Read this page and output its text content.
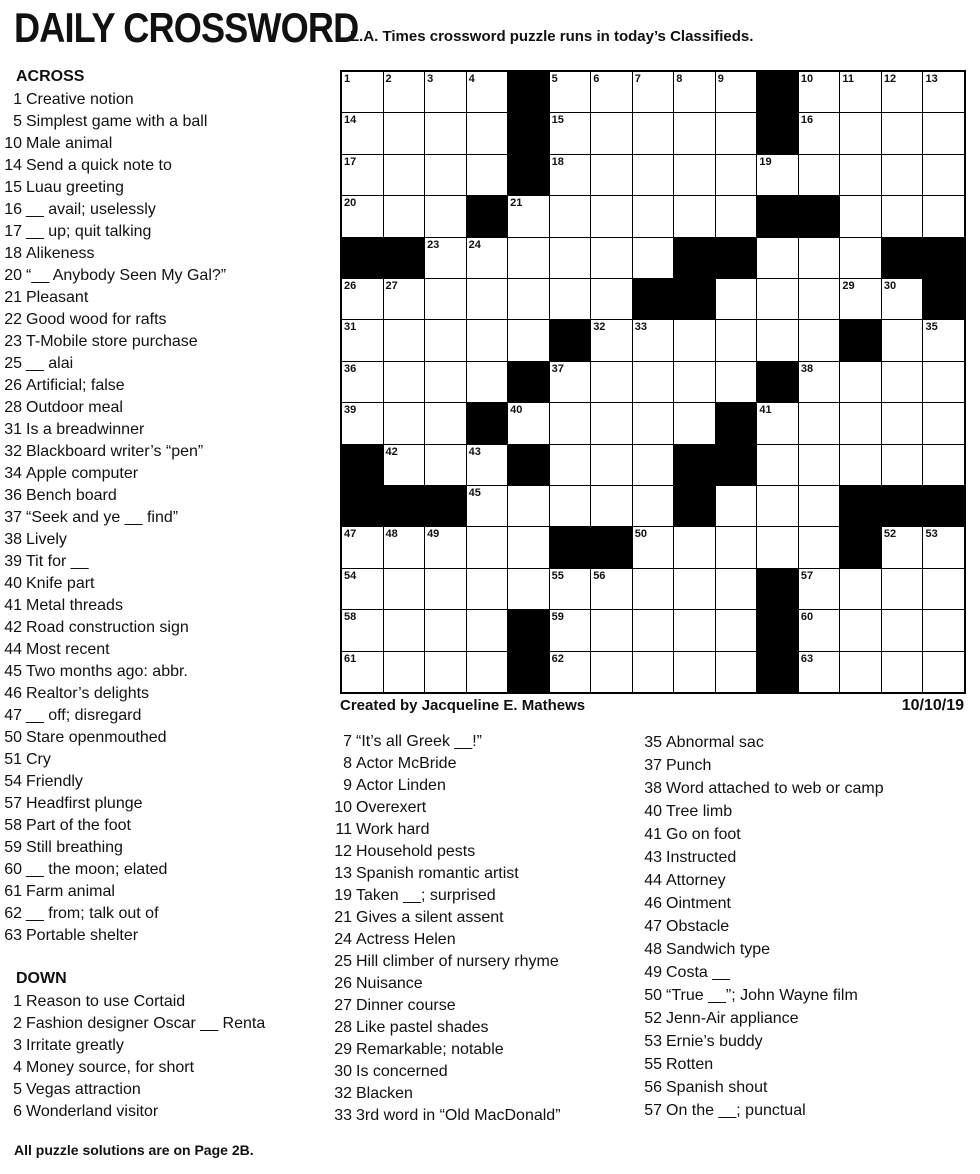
DAILY CROSSWORD
L.A. Times crossword puzzle runs in today’s Classifieds.
ACROSS
1 Creative notion
5 Simplest game with a ball
10 Male animal
14 Send a quick note to
15 Luau greeting
16 __ avail; uselessly
17 __ up; quit talking
18 Alikeness
20 “__ Anybody Seen My Gal?”
21 Pleasant
22 Good wood for rafts
23 T-Mobile store purchase
25 __ alai
26 Artificial; false
28 Outdoor meal
31 Is a breadwinner
32 Blackboard writer’s “pen”
34 Apple computer
36 Bench board
37 “Seek and ye __ find”
38 Lively
39 Tit for __
40 Knife part
41 Metal threads
42 Road construction sign
44 Most recent
45 Two months ago: abbr.
46 Realtor’s delights
47 __ off; disregard
50 Stare openmouthed
51 Cry
54 Friendly
57 Headfirst plunge
58 Part of the foot
59 Still breathing
60 __ the moon; elated
61 Farm animal
62 __ from; talk out of
63 Portable shelter
DOWN
1 Reason to use Cortaid
2 Fashion designer Oscar __ Renta
3 Irritate greatly
4 Money source, for short
5 Vegas attraction
6 Wonderland visitor
7 “It’s all Greek __!”
8 Actor McBride
9 Actor Linden
10 Overexert
11 Work hard
12 Household pests
13 Spanish romantic artist
19 Taken __; surprised
21 Gives a silent assent
24 Actress Helen
25 Hill climber of nursery rhyme
26 Nuisance
27 Dinner course
28 Like pastel shades
29 Remarkable; notable
30 Is concerned
32 Blacken
33 3rd word in “Old MacDonald”
35 Abnormal sac
37 Punch
38 Word attached to web or camp
40 Tree limb
41 Go on foot
43 Instructed
44 Attorney
46 Ointment
47 Obstacle
48 Sandwich type
49 Costa __
50 “True __”; John Wayne film
52 Jenn-Air appliance
53 Ernie’s buddy
55 Rotten
56 Spanish shout
57 On the __; punctual
1	2	3	4	5	6	7	8	9	10	11	12	13
14	15	16
17	18	19
20	21
23	24
26	27	29	30
31	32	33	35
36	37	38
39	40	41
42	43
45
47	48	49	50	52	53
54	55	56	57
58	59	60
61	62	63
Created by Jacqueline E. Mathews	10/10/19
All puzzle solutions are on Page 2B.
